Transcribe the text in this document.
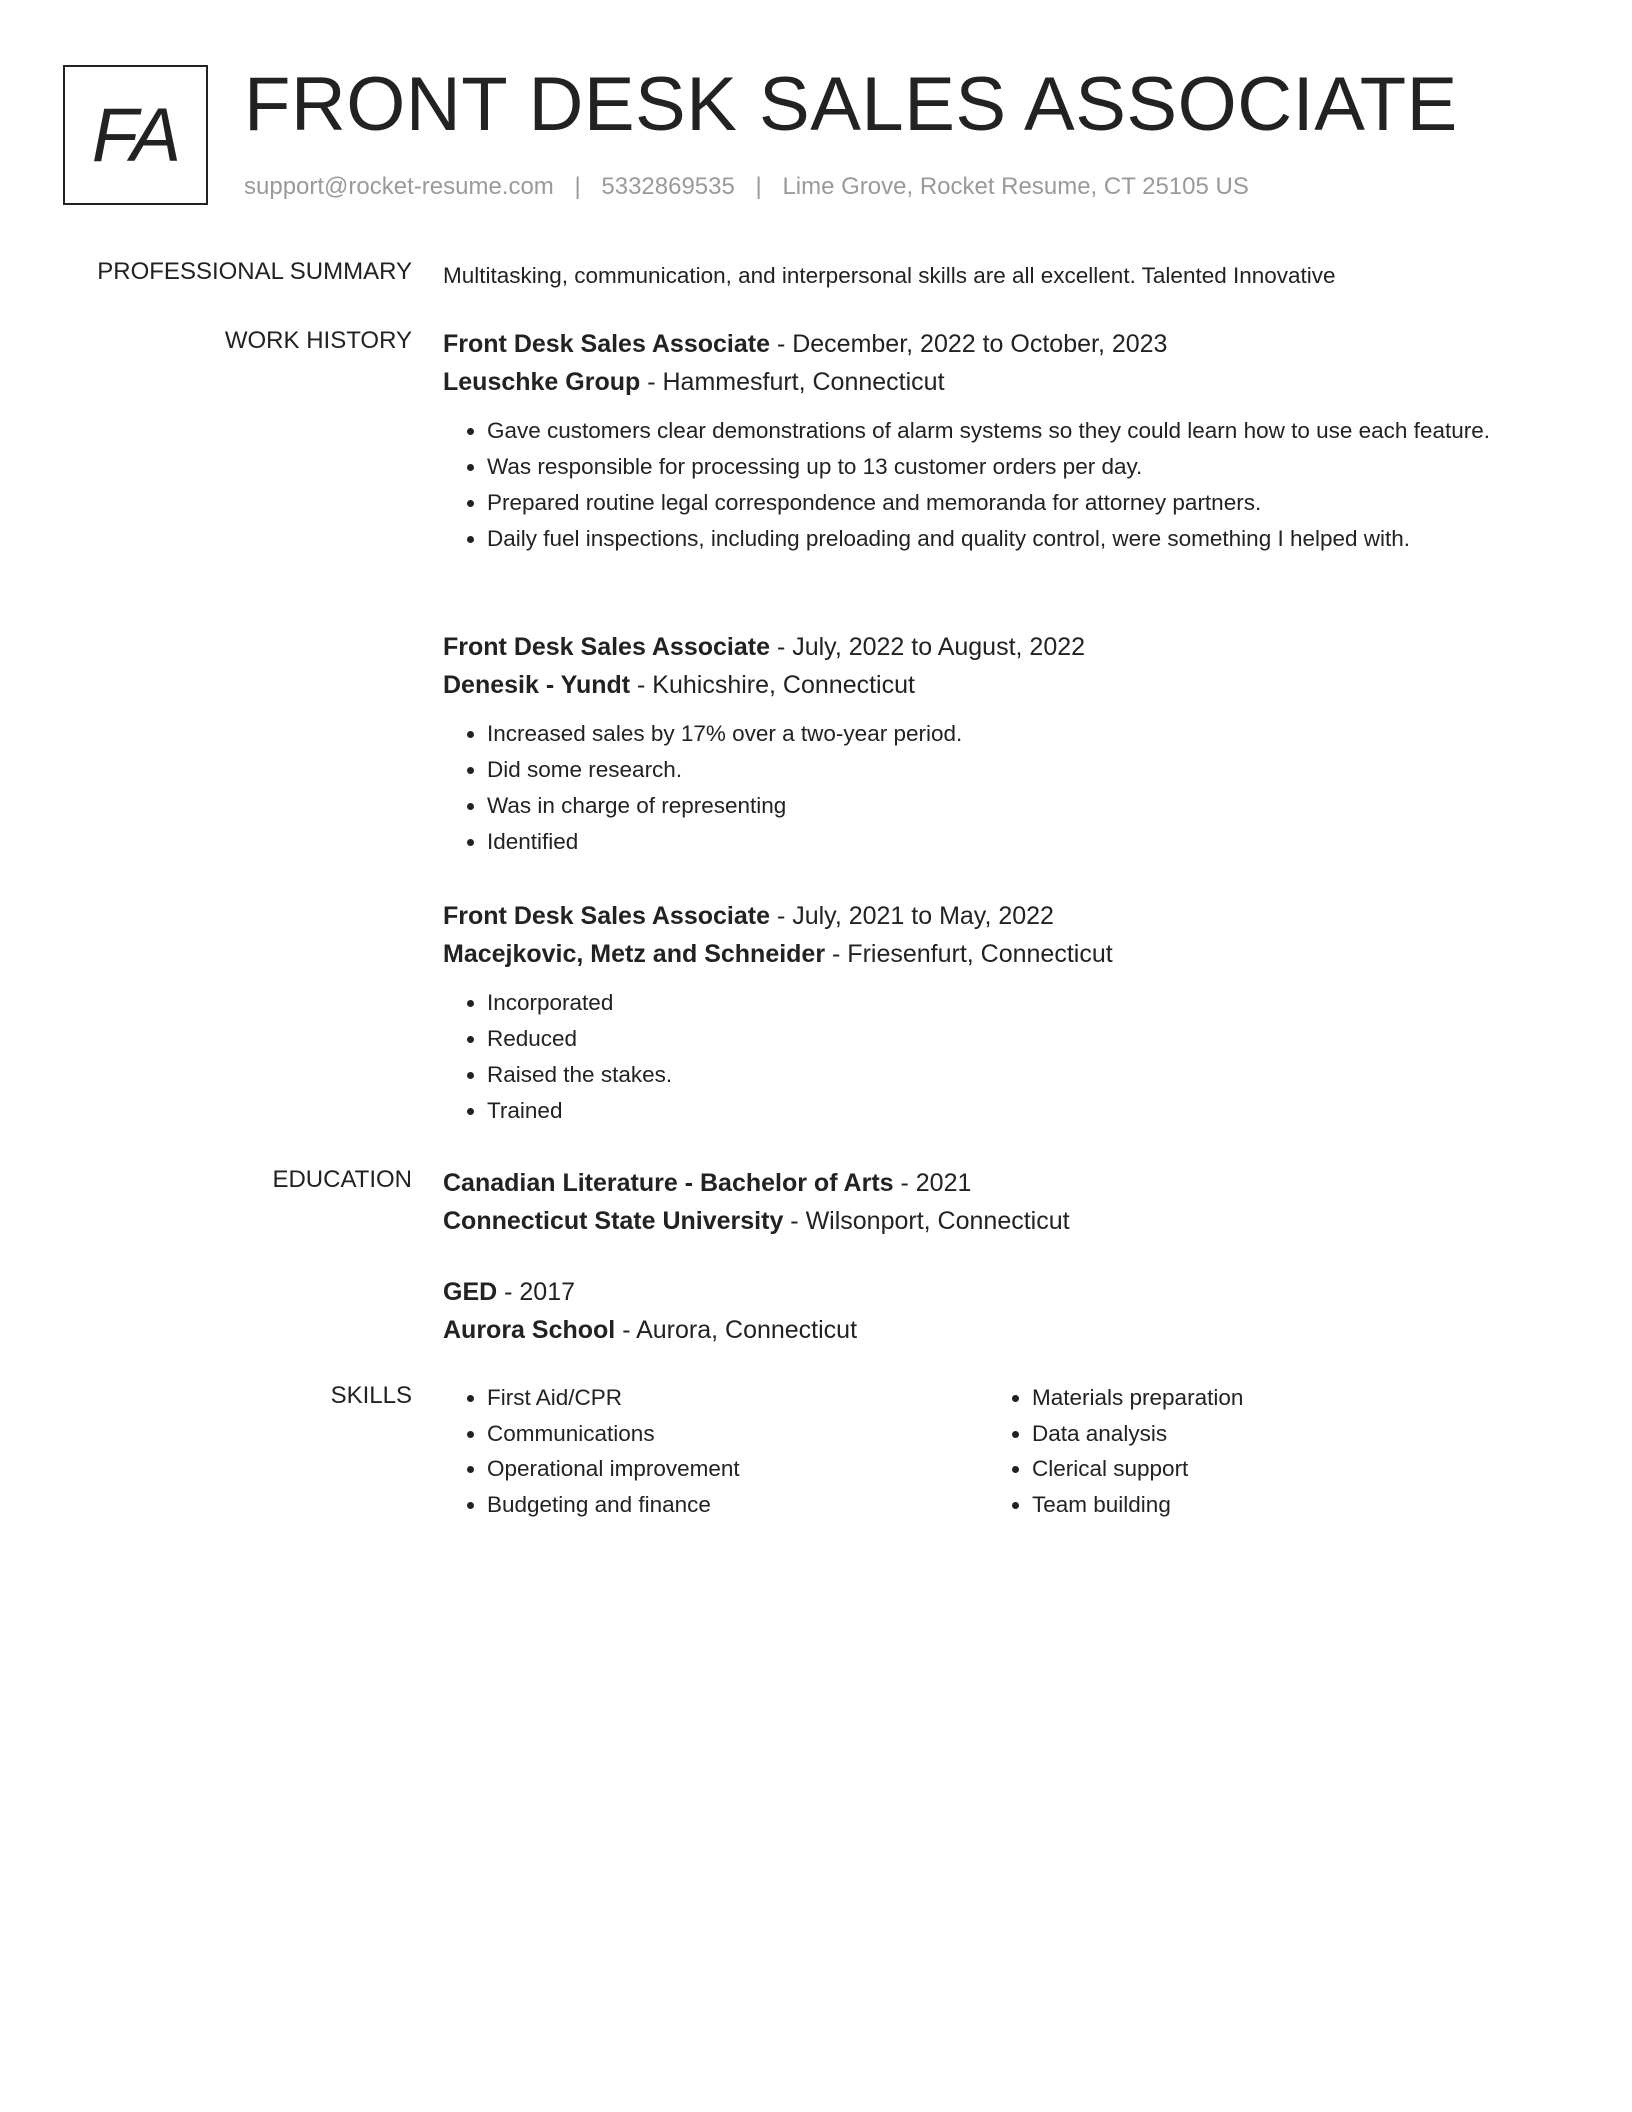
FA FRONT DESK SALES ASSOCIATE
support@rocket-resume.com | 5332869535 | Lime Grove, Rocket Resume, CT 25105 US
PROFESSIONAL SUMMARY Multitasking, communication, and interpersonal skills are all excellent. Talented Innovative
WORK HISTORY Front Desk Sales Associate - December, 2022 to October, 2023
Leuschke Group - Hammesfurt, Connecticut
• Gave customers clear demonstrations of alarm systems so they could learn how to use each feature.
• Was responsible for processing up to 13 customer orders per day.
• Prepared routine legal correspondence and memoranda for attorney partners.
• Daily fuel inspections, including preloading and quality control, were something I helped with.
Front Desk Sales Associate - July, 2022 to August, 2022
Denesik - Yundt - Kuhicshire, Connecticut
• Increased sales by 17% over a two-year period.
• Did some research.
• Was in charge of representing
• Identified
Front Desk Sales Associate - July, 2021 to May, 2022
Macejkovic, Metz and Schneider - Friesenfurt, Connecticut
• Incorporated
• Reduced
• Raised the stakes.
• Trained
EDUCATION Canadian Literature - Bachelor of Arts - 2021
Connecticut State University - Wilsonport, Connecticut
GED - 2017
Aurora School - Aurora, Connecticut
SKILLS
•	First Aid/CPR
• Communications
• Operational improvement
• Budgeting and finance
• Materials preparation
• Data analysis
• Clerical support
• Team building
